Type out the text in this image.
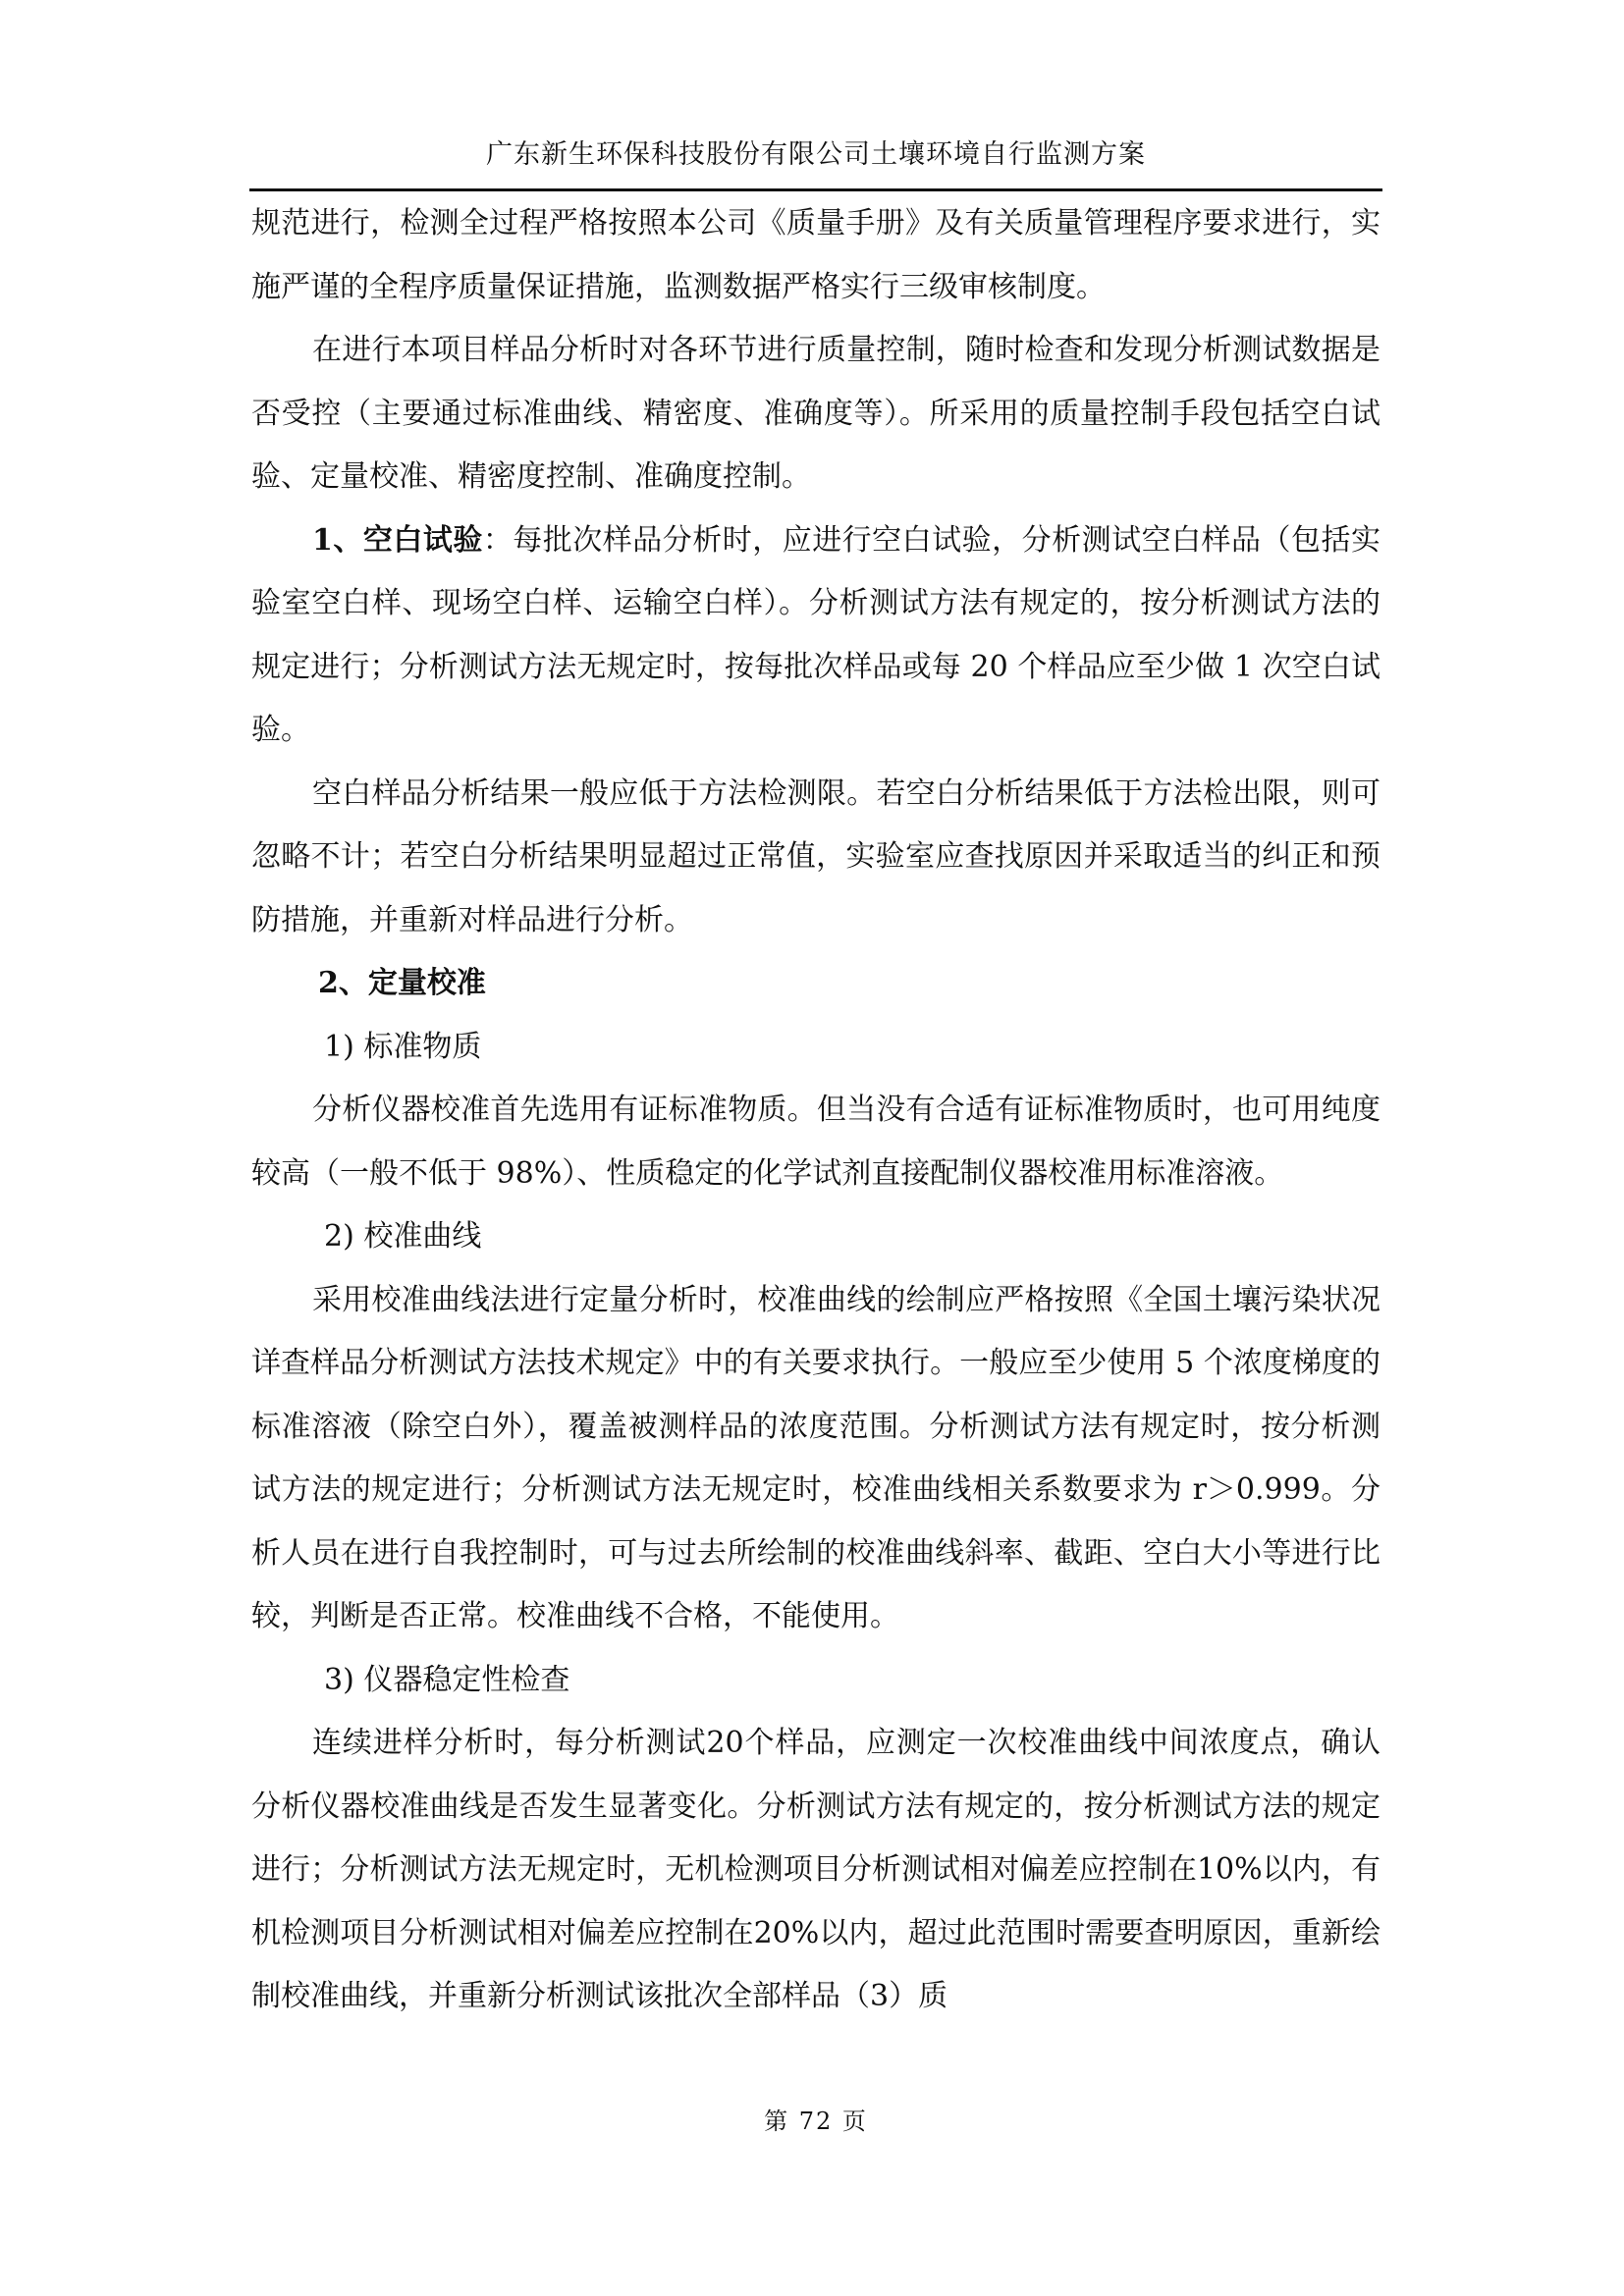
广东新生环保科技股份有限公司土壤环境自行监测方案

规范进行，检测全过程严格按照本公司《质量手册》及有关质量管理程序要求进行，实施严谨的全程序质量保证措施，监测数据严格实行三级审核制度。

在进行本项目样品分析时对各环节进行质量控制，随时检查和发现分析测试数据是否受控（主要通过标准曲线、精密度、准确度等）。所采用的质量控制手段包括空白试验、定量校准、精密度控制、准确度控制。

1、空白试验：每批次样品分析时，应进行空白试验，分析测试空白样品（包括实验室空白样、现场空白样、运输空白样）。分析测试方法有规定的，按分析测试方法的规定进行；分析测试方法无规定时，按每批次样品或每 20 个样品应至少做 1 次空白试验。

空白样品分析结果一般应低于方法检测限。若空白分析结果低于方法检出限，则可忽略不计；若空白分析结果明显超过正常值，实验室应查找原因并采取适当的纠正和预防措施，并重新对样品进行分析。

2、定量校准

1) 标准物质

分析仪器校准首先选用有证标准物质。但当没有合适有证标准物质时，也可用纯度较高（一般不低于 98%）、性质稳定的化学试剂直接配制仪器校准用标准溶液。

2) 校准曲线

采用校准曲线法进行定量分析时，校准曲线的绘制应严格按照《全国土壤污染状况详查样品分析测试方法技术规定》中的有关要求执行。一般应至少使用 5 个浓度梯度的标准溶液（除空白外），覆盖被测样品的浓度范围。分析测试方法有规定时，按分析测试方法的规定进行；分析测试方法无规定时，校准曲线相关系数要求为 r＞0.999。分析人员在进行自我控制时，可与过去所绘制的校准曲线斜率、截距、空白大小等进行比较，判断是否正常。校准曲线不合格，不能使用。

3) 仪器稳定性检查

连续进样分析时，每分析测试20个样品，应测定一次校准曲线中间浓度点，确认分析仪器校准曲线是否发生显著变化。分析测试方法有规定的，按分析测试方法的规定进行；分析测试方法无规定时，无机检测项目分析测试相对偏差应控制在10%以内，有机检测项目分析测试相对偏差应控制在20%以内，超过此范围时需要查明原因，重新绘制校准曲线，并重新分析测试该批次全部样品（3）质

第 72 页
